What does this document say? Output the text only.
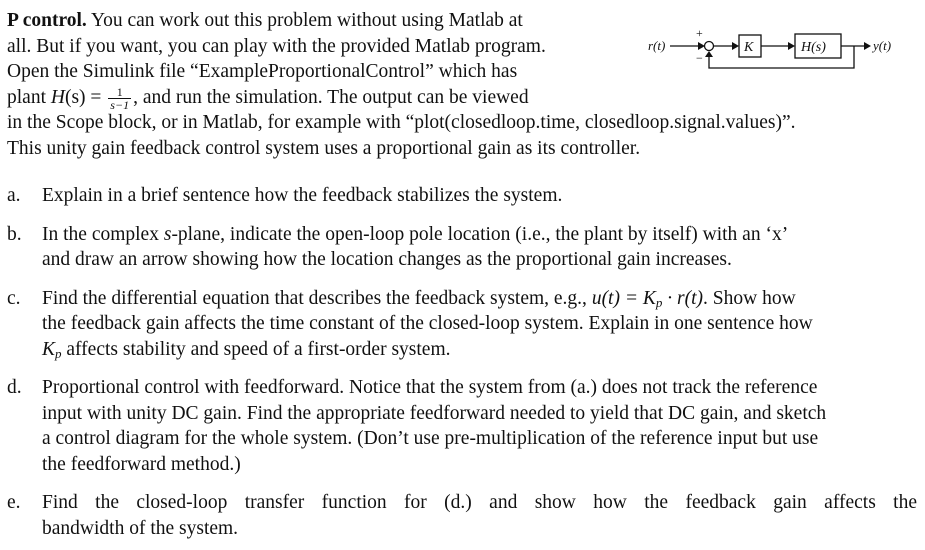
P control. You can work out this problem without using Matlab at
all. But if you want, you can play with the provided Matlab program.
Open the Simulink file “ExampleProportionalControl” which has
plant $H(s) = \frac{1}{s-1}$ , and run the simulation. The output can be viewed
in the Scope block, or in Matlab, for example with “plot(closedloop.time, closedloop.signal.values)”.
This unity gain feedback control system uses a proportional gain as its controller.
r(t)
+
−
K	H(s)	y(t)
a. Explain in a brief sentence how the feedback stabilizes the system.
b. In the complex s-plane, indicate the open-loop pole location (i.e., the plant by itself) with an ‘x’
and draw an arrow showing how the location changes as the proportional gain increases.
c. Find the differential equation that describes the feedback system, e.g., $u(t) = K_p \cdot r(t)$. Show how
the feedback gain affects the time constant of the closed-loop system. Explain in one sentence how
$K_p$ affects stability and speed of a first-order system.
d. Proportional control with feedforward. Notice that the system from (a.) does not track the reference
input with unity DC gain. Find the appropriate feedforward needed to yield that DC gain, and sketch
a control diagram for the whole system. (Don’t use pre-multiplication of the reference input but use
the feedforward method.)
e. Find the closed-loop transfer function for (d.) and show how the feedback gain affects the
bandwidth of the system.
